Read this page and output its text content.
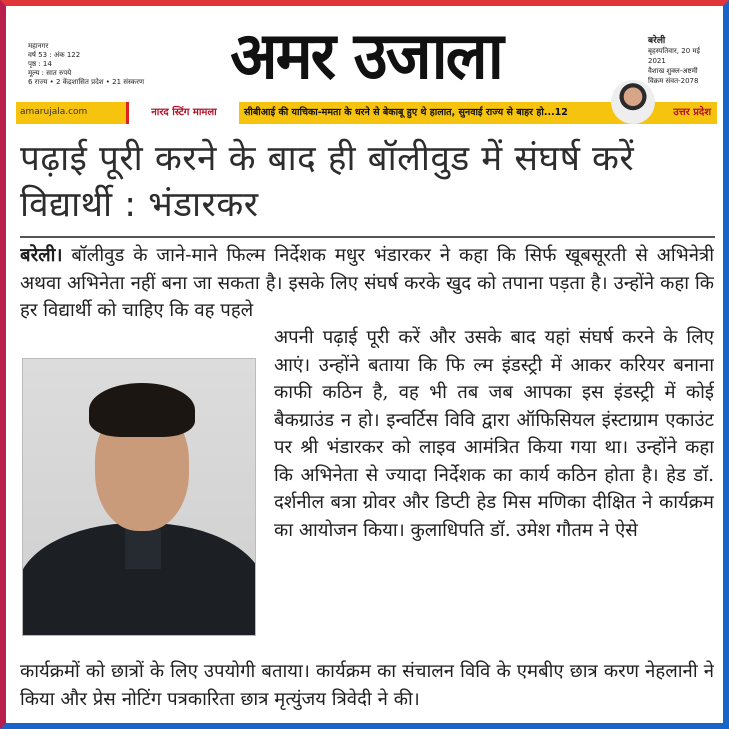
महानगर
वर्ष 53 : अंक 122
पृष्ठ : 14
मूल्य : सात रुपये
6 राज्य • 2 केंद्रशासित प्रदेश • 21 संस्करण	अमर उजाला	बरेली
बृहस्पतिवार, 20 मई 2021
वैशाख शुक्ल-अष्टमी
विक्रम संवत-2078
amarujala.com	नारद स्टिंग मामला	सीबीआई की याचिका-ममता के धरने से बेकाबू हुए थे हालात, सुनवाई राज्य से बाहर हो...12	उत्तर प्रदेश
पढ़ाई पूरी करने के बाद ही बॉलीवुड में संघर्ष करें विद्यार्थी : भंडारकर
बरेली। बॉलीवुड के जाने-माने फिल्म निर्देशक मधुर भंडारकर ने कहा कि सिर्फ खूबसूरती से अभिनेत्री अथवा अभिनेता नहीं बना जा सकता है। इसके लिए संघर्ष करके खुद को तपाना पड़ता है। उन्होंने कहा कि हर विद्यार्थी को चाहिए कि वह पहले
अपनी पढ़ाई पूरी करें और उसके बाद यहां संघर्ष करने के लिए आएं। उन्होंने बताया कि फि ल्म इंडस्ट्री में आकर करियर बनाना काफी कठिन है, वह भी तब जब आपका इस इंडस्ट्री में कोई बैकग्राउंड न हो। इन्वर्टिस विवि द्वारा ऑफिसियल इंस्टाग्राम एकाउंट पर श्री भंडारकर को लाइव आमंत्रित किया गया था। उन्होंने कहा कि अभिनेता से ज्यादा निर्देशक का कार्य कठिन होता है। हेड डॉ. दर्शनील बत्रा ग्रोवर और डिप्टी हेड मिस मणिका दीक्षित ने कार्यक्रम का आयोजन किया। कुलाधिपति डॉ. उमेश गौतम ने ऐसे
कार्यक्रमों को छात्रों के लिए उपयोगी बताया। कार्यक्रम का संचालन विवि के एमबीए छात्र करण नेहलानी ने किया और प्रेस नोटिंग पत्रकारिता छात्र मृत्युंजय त्रिवेदी ने की।
